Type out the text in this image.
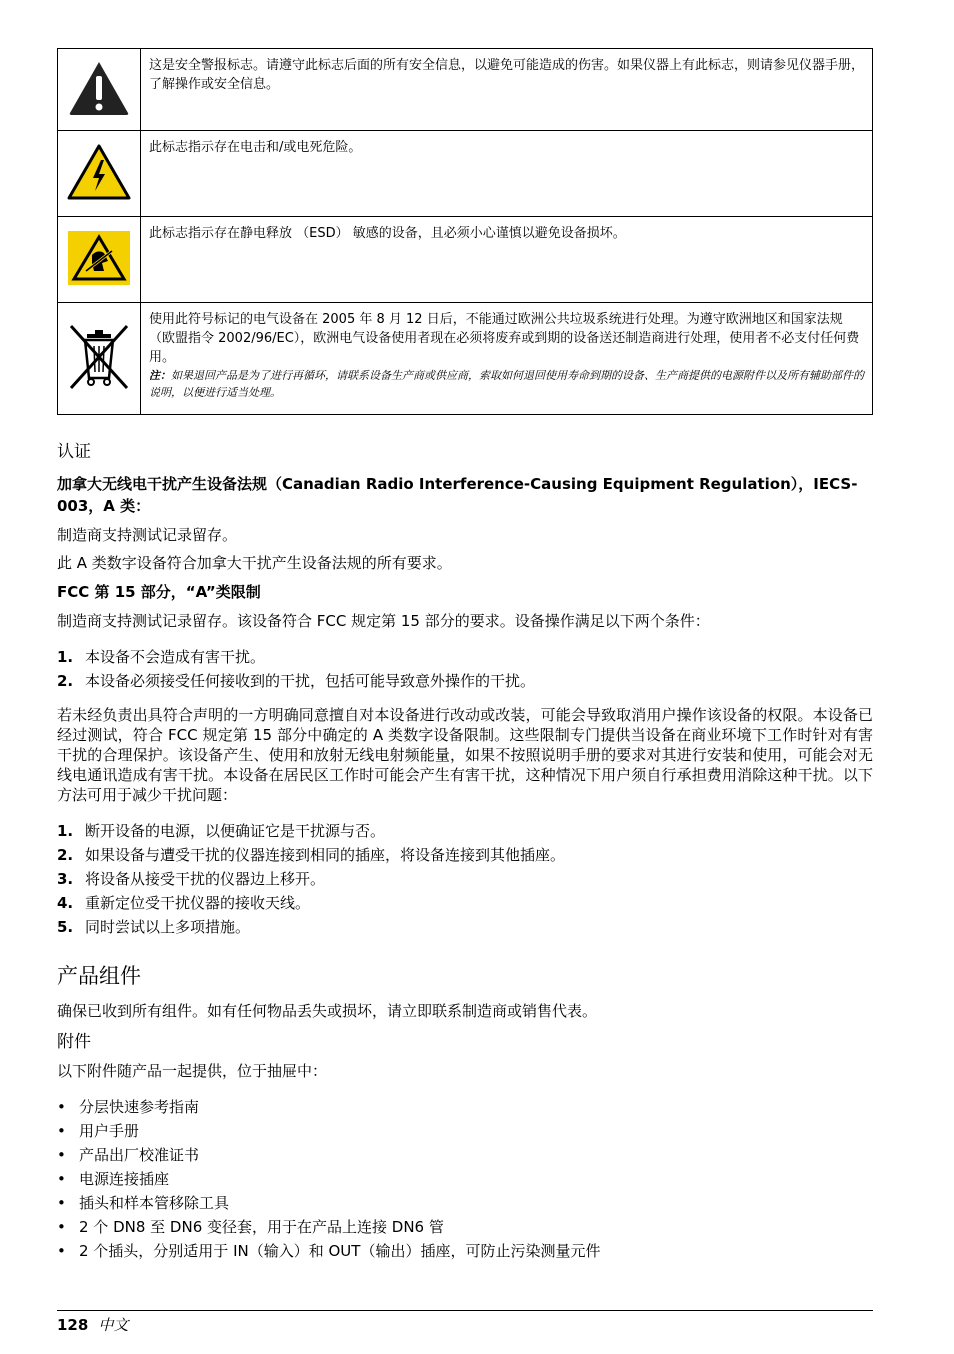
	这是安全警报标志。请遵守此标志后面的所有安全信息，以避免可能造成的伤害。如果仪器上有此标志，则请参见仪器手册，了解操作或安全信息。
	此标志指示存在电击和/或电死危险。
	此标志指示存在静电释放 （ESD） 敏感的设备，且必须小心谨慎以避免设备损坏。

使用此符号标记的电气设备在 2005 年 8 月 12 日后，不能通过欧洲公共垃圾系统进行处理。为遵守欧洲地区和国家法规（欧盟指令 2002/96/EC），欧洲电气设备使用者现在必须将废弃或到期的设备送还制造商进行处理，使用者不必支付任何费用。
注：如果退回产品是为了进行再循环，请联系设备生产商或供应商，索取如何退回使用寿命到期的设备、生产商提供的电源附件以及所有辅助部件的说明，以便进行适当处理。
认证
加拿大无线电干扰产生设备法规（Canadian Radio Interference-Causing Equipment Regulation），IECS-003，A 类：

制造商支持测试记录留存。

此 A 类数字设备符合加拿大干扰产生设备法规的所有要求。

FCC 第 15 部分，“A”类限制

制造商支持测试记录留存。该设备符合 FCC 规定第 15 部分的要求。设备操作满足以下两个条件：

1. 本设备不会造成有害干扰。
2. 本设备必须接受任何接收到的干扰，包括可能导致意外操作的干扰。

若未经负责出具符合声明的一方明确同意擅自对本设备进行改动或改装，可能会导致取消用户操作该设备的权限。本设备已经过测试，符合 FCC 规定第 15 部分中确定的 A 类数字设备限制。这些限制专门提供当设备在商业环境下工作时针对有害干扰的合理保护。该设备产生、使用和放射无线电射频能量，如果不按照说明手册的要求对其进行安装和使用，可能会对无线电通讯造成有害干扰。本设备在居民区工作时可能会产生有害干扰，这种情况下用户须自行承担费用消除这种干扰。以下方法可用于减少干扰问题：

1. 断开设备的电源，以便确证它是干扰源与否。
2. 如果设备与遭受干扰的仪器连接到相同的插座，将设备连接到其他插座。
3. 将设备从接受干扰的仪器边上移开。
4. 重新定位受干扰仪器的接收天线。
5. 同时尝试以上多项措施。
产品组件

确保已收到所有组件。如有任何物品丢失或损坏，请立即联系制造商或销售代表。

附件

以下附件随产品一起提供，位于抽屉中：

• 分层快速参考指南
• 用户手册
• 产品出厂校准证书
• 电源连接插座
• 插头和样本管移除工具
• 2 个 DN8 至 DN6 变径套，用于在产品上连接 DN6 管
• 2 个插头，分别适用于 IN（输入）和 OUT（输出）插座，可防止污染测量元件
128 中文
